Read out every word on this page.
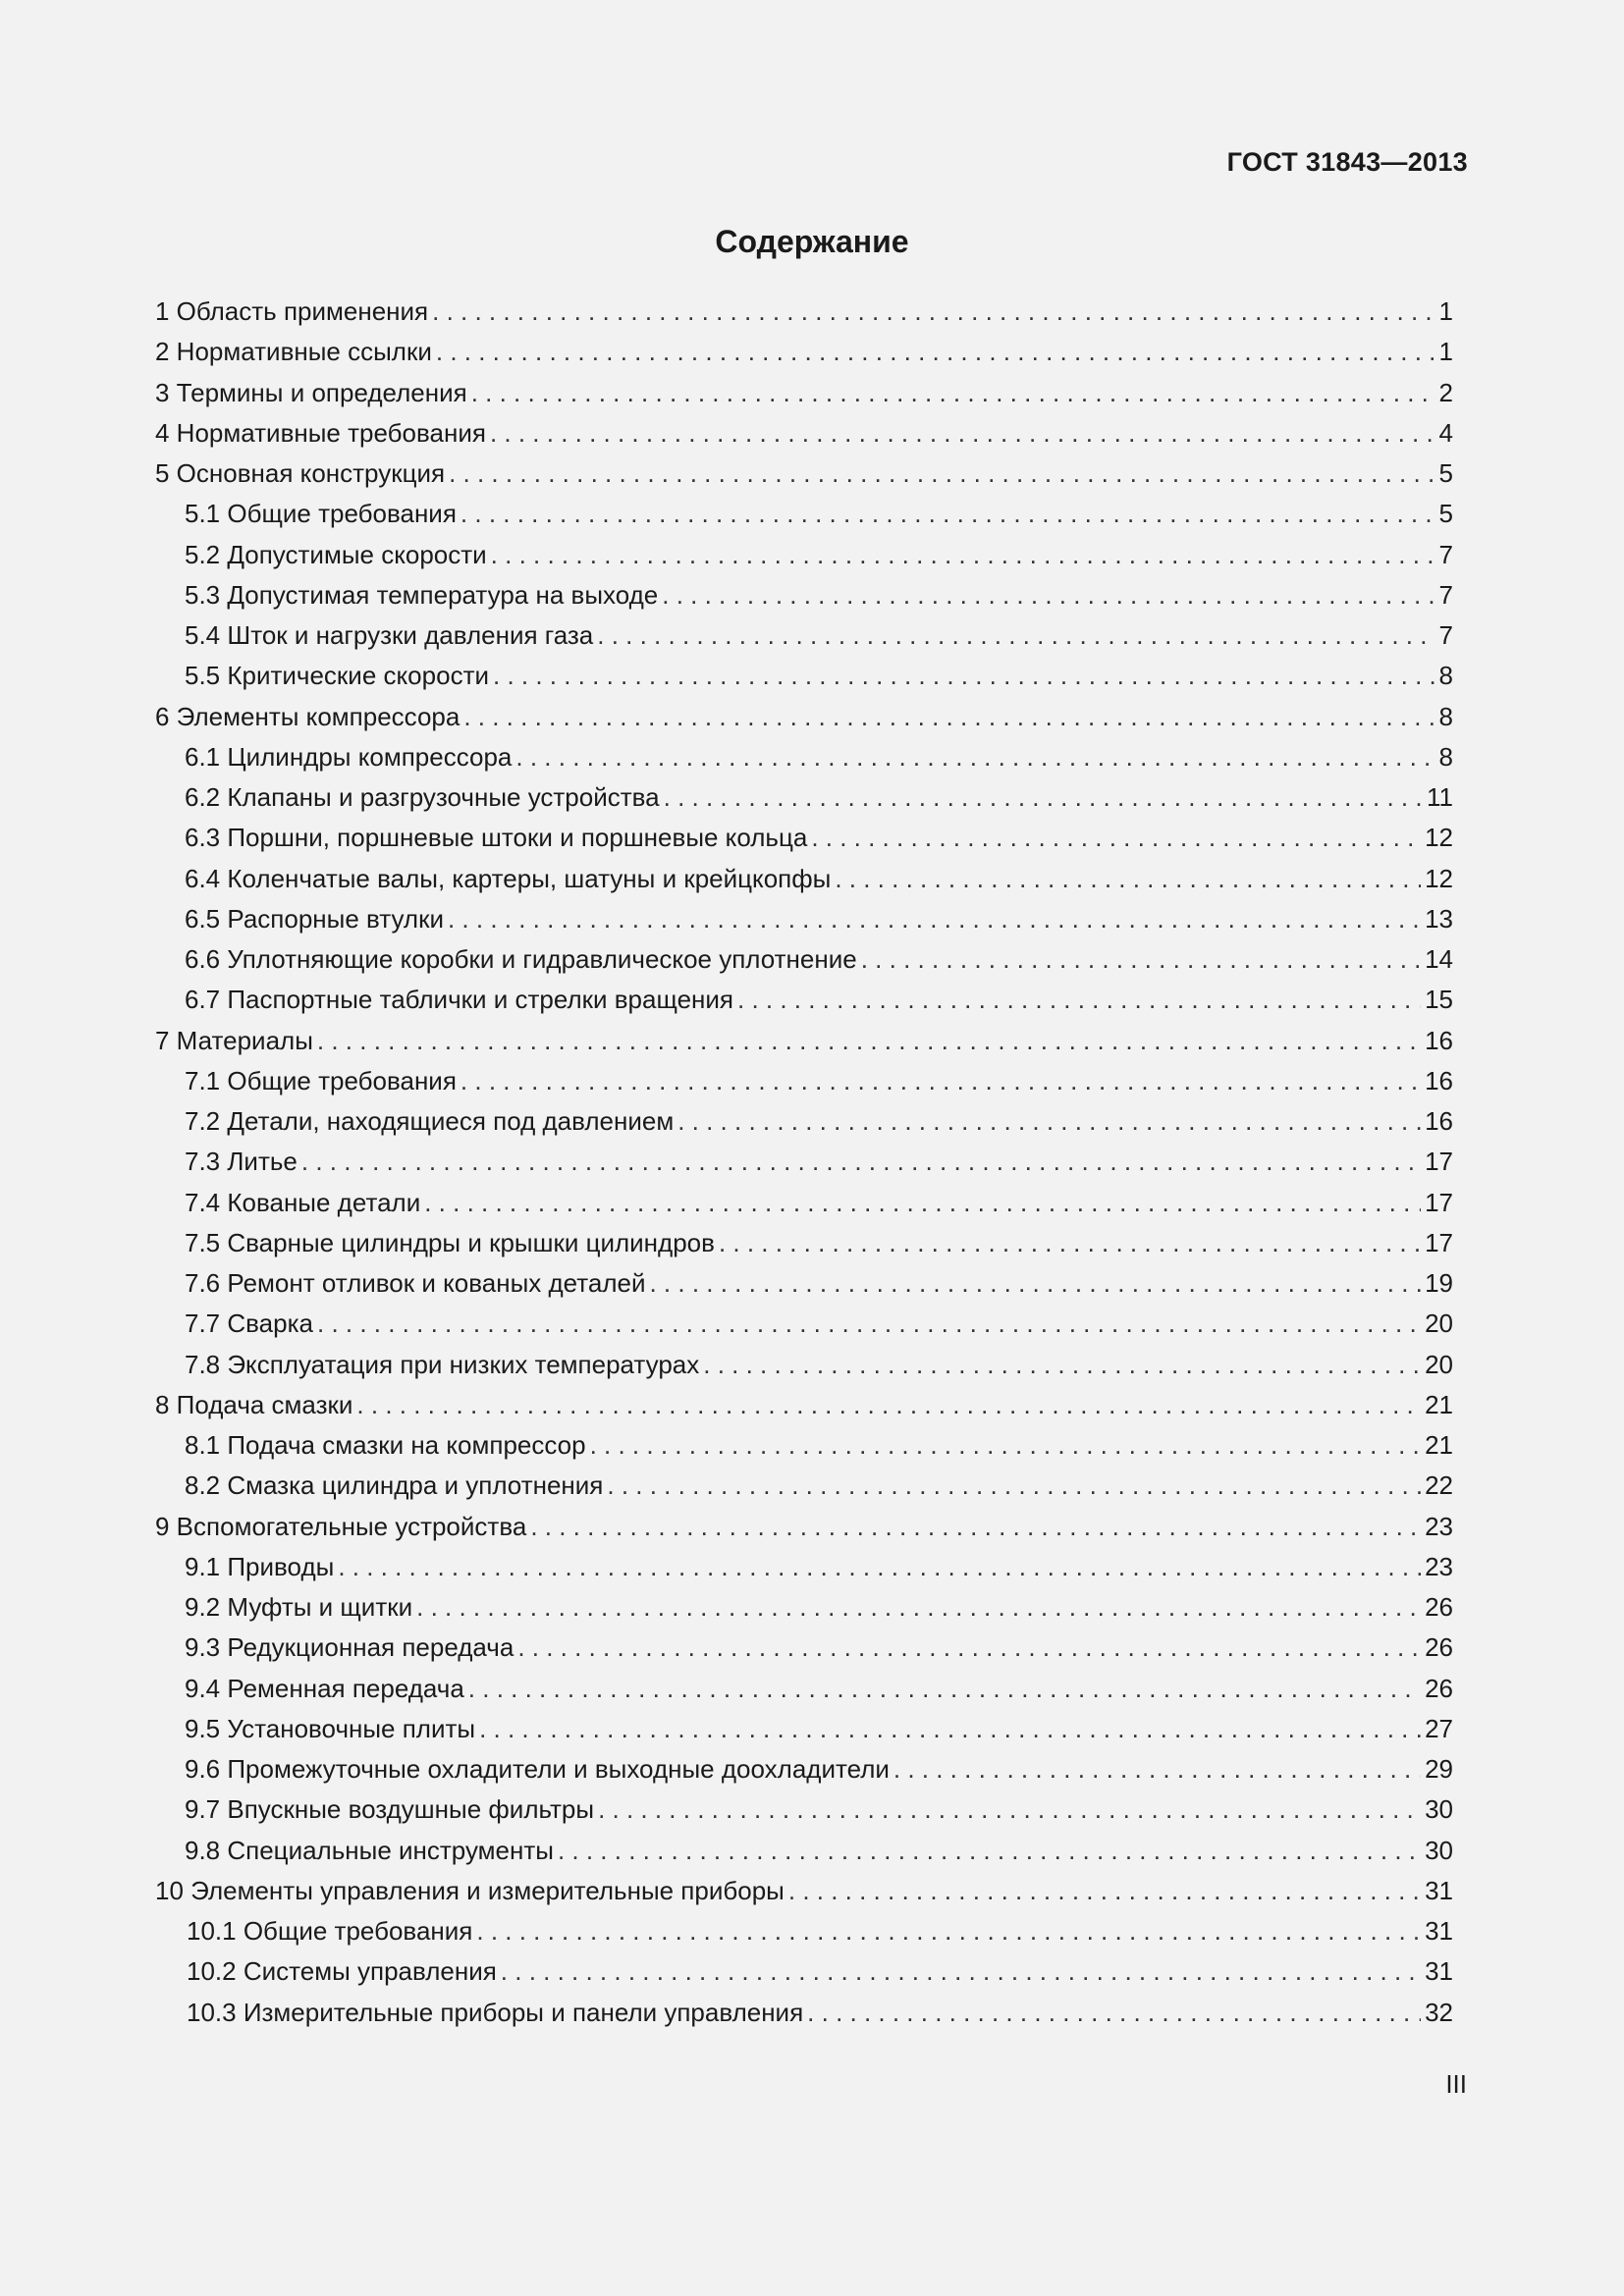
ГОСТ 31843—2013
Содержание
1 Область применения . . .	1
2 Нормативные ссылки . . .	1
3 Термины и определения . . .	2
4 Нормативные требования . . .	4
5 Основная конструкция . . .	5
5.1 Общие требования . . .	5
5.2 Допустимые скорости . . .	7
5.3 Допустимая температура на выходе . . .	7
5.4 Шток и нагрузки давления газа . . .	7
5.5 Критические скорости . . .	8
6 Элементы компрессора . . .	8
6.1 Цилиндры компрессора . . .	8
6.2 Клапаны и разгрузочные устройства . . .	11
6.3 Поршни, поршневые штоки и поршневые кольца . . .	12
6.4 Коленчатые валы, картеры, шатуны и крейцкопфы . . .	12
6.5 Распорные втулки . . .	13
6.6 Уплотняющие коробки и гидравлическое уплотнение . . .	14
6.7 Паспортные таблички и стрелки вращения . . .	15
7 Материалы . . .	16
7.1 Общие требования . . .	16
7.2 Детали, находящиеся под давлением . . .	16
7.3 Литье . . .	17
7.4 Кованые детали . . .	17
7.5 Сварные цилиндры и крышки цилиндров . . .	17
7.6 Ремонт отливок и кованых деталей . . .	19
7.7 Сварка . . .	20
7.8 Эксплуатация при низких температурах . . .	20
8 Подача смазки . . .	21
8.1 Подача смазки на компрессор . . .	21
8.2 Смазка цилиндра и уплотнения . . .	22
9 Вспомогательные устройства . . .	23
9.1 Приводы . . .	23
9.2 Муфты и щитки . . .	26
9.3 Редукционная передача . . .	26
9.4 Ременная передача . . .	26
9.5 Установочные плиты . . .	27
9.6 Промежуточные охладители и выходные доохладители . . .	29
9.7 Впускные воздушные фильтры . . .	30
9.8 Специальные инструменты . . .	30
10 Элементы управления и измерительные приборы . . .	31
10.1 Общие требования . . .	31
10.2 Системы управления . . .	31
10.3 Измерительные приборы и панели управления . . .	32
III
